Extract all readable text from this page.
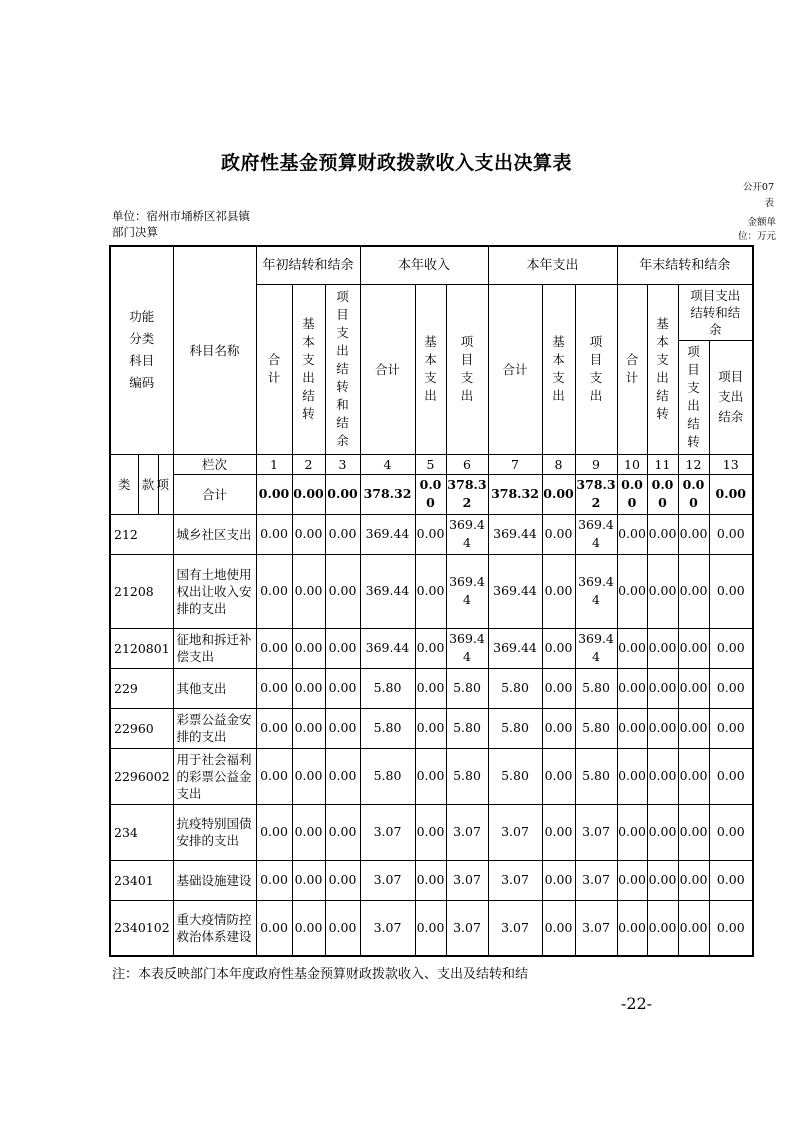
政府性基金预算财政拨款收入支出决算表
公开07
表
单位：宿州市埇桥区祁县镇部门决算
金额单
位：万元
功能分类科目编码			科目名称	年初结转和结余			本年收入			本年支出			年末结转和结余			
				合计	基本支出结转	项目支出结转和结余	合计	基本支出	项目支出	合计	基本支出	项目支出	合计	基本支出结转	项目支出结转和结余	
															项目支出结转	项目支出结余

类	款	项	栏次	1	2	3	4	5	6	7	8	9	10	11	12	13
			合计	0.00	0.00	0.00	378.32	0.00	378.32	378.32	0.00	378.32	0.00	0.00	0.00	0.00
212			城乡社区支出	0.00	0.00	0.00	369.44	0.00	369.44	369.44	0.00	369.44	0.00	0.00	0.00	0.00
21208			国有土地使用权出让收入安排的支出	0.00	0.00	0.00	369.44	0.00	369.44	369.44	0.00	369.44	0.00	0.00	0.00	0.00
2120801			征地和拆迁补偿支出	0.00	0.00	0.00	369.44	0.00	369.44	369.44	0.00	369.44	0.00	0.00	0.00	0.00
229			其他支出	0.00	0.00	0.00	5.80	0.00	5.80	5.80	0.00	5.80	0.00	0.00	0.00	0.00
22960			彩票公益金安排的支出	0.00	0.00	0.00	5.80	0.00	5.80	5.80	0.00	5.80	0.00	0.00	0.00	0.00
2296002			用于社会福利的彩票公益金支出	0.00	0.00	0.00	5.80	0.00	5.80	5.80	0.00	5.80	0.00	0.00	0.00	0.00
234			抗疫特别国债安排的支出	0.00	0.00	0.00	3.07	0.00	3.07	3.07	0.00	3.07	0.00	0.00	0.00	0.00
23401			基础设施建设	0.00	0.00	0.00	3.07	0.00	3.07	3.07	0.00	3.07	0.00	0.00	0.00	0.00
2340102			重大疫情防控救治体系建设	0.00	0.00	0.00	3.07	0.00	3.07	3.07	0.00	3.07	0.00	0.00	0.00	0.00
注：本表反映部门本年度政府性基金预算财政拨款收入、支出及结转和结
-22-
